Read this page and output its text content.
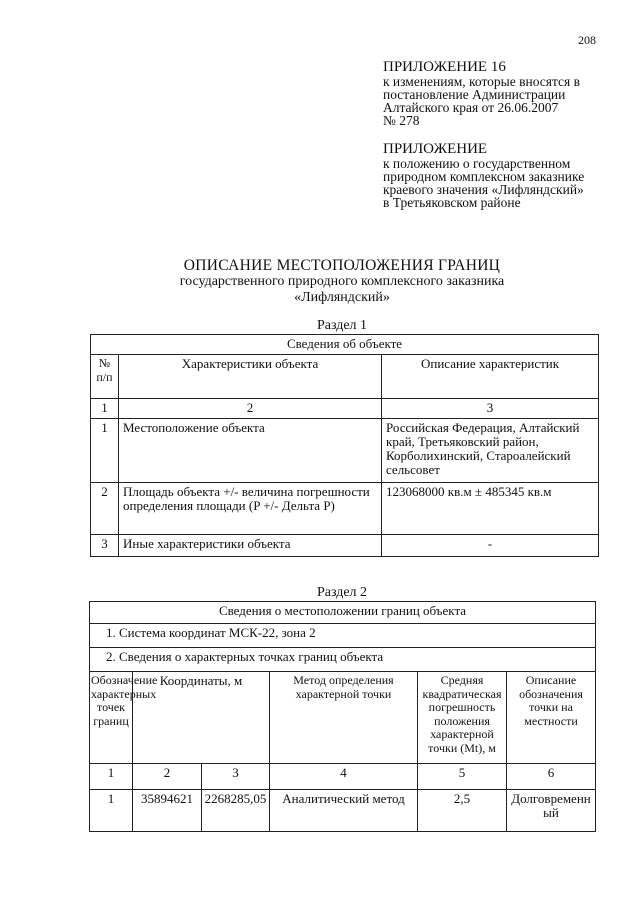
208
ПРИЛОЖЕНИЕ 16
к изменениям, которые вносятся в
постановление Администрации
Алтайского края от 26.06.2007
№ 278
ПРИЛОЖЕНИЕ
к положению о государственном
природном комплексном заказнике
краевого значения «Лифляндский»
в Третьяковском районе
ОПИСАНИЕ МЕСТОПОЛОЖЕНИЯ ГРАНИЦ
государственного природного комплексного заказника
«Лифляндский»
Раздел 1
Сведения об объекте		
№ п/п	Характеристики объекта	Описание характеристик
1	2	3
1	Местоположение объекта	Российская Федерация, Алтайский край, Третьяковский район, Корболихинский, Староалейский сельсовет
2	Площадь объекта +/- величина погрешности определения площади (P +/- Дельта P)	123068000 кв.м ± 485345 кв.м
3	Иные характеристики объекта	-
Раздел 2
Сведения о местоположении границ объекта					
1. Система координат МСК-22, зона 2					
2. Сведения о характерных точках границ объекта					
Обозначение характерных точек границ	Координаты, м		Метод определения характерной точки	Средняя квадратическая погрешность положения характерной точки (Mt), м	Описание обозначения точки на местности
1	2	3	4	5	6
1	35894621	2268285,05	Аналитический метод	2,5	Долговременный
